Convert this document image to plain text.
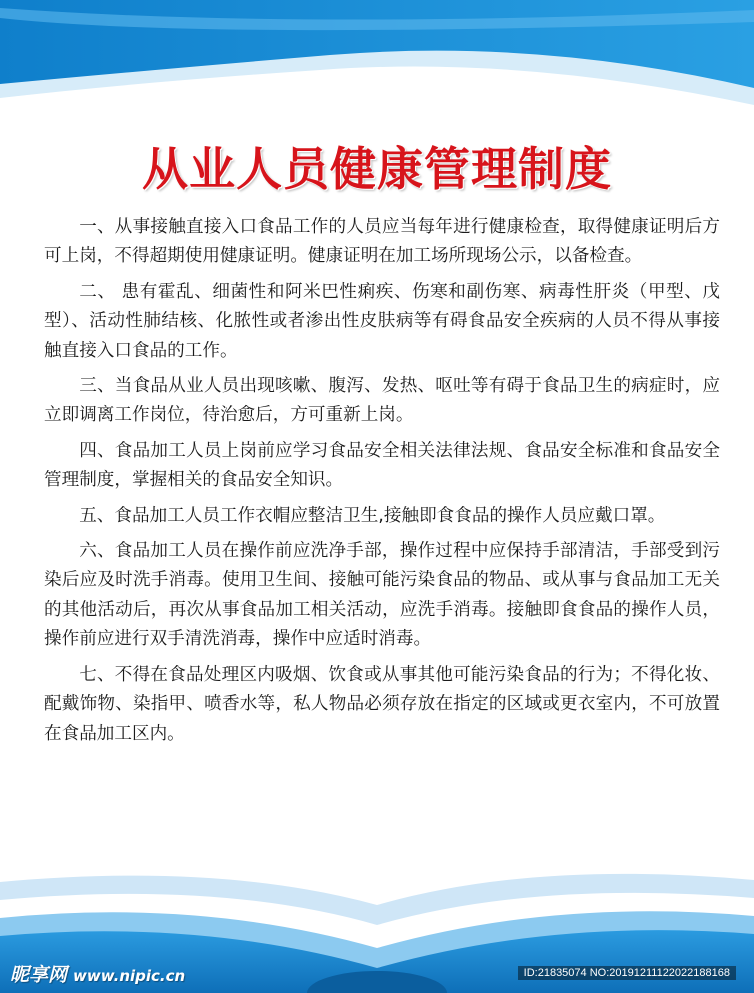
从业人员健康管理制度

一、从事接触直接入口食品工作的人员应当每年进行健康检查，取得健康证明后方可上岗，不得超期使用健康证明。健康证明在加工场所现场公示，以备检查。

二、 患有霍乱、细菌性和阿米巴性痢疾、伤寒和副伤寒、病毒性肝炎（甲型、戊型）、活动性肺结核、化脓性或者渗出性皮肤病等有碍食品安全疾病的人员不得从事接触直接入口食品的工作。

三、当食品从业人员出现咳嗽、腹泻、发热、呕吐等有碍于食品卫生的病症时，应立即调离工作岗位，待治愈后，方可重新上岗。

四、食品加工人员上岗前应学习食品安全相关法律法规、食品安全标准和食品安全管理制度，掌握相关的食品安全知识。

五、食品加工人员工作衣帽应整洁卫生,接触即食食品的操作人员应戴口罩。

六、食品加工人员在操作前应洗净手部，操作过程中应保持手部清洁，手部受到污染后应及时洗手消毒。使用卫生间、接触可能污染食品的物品、或从事与食品加工无关的其他活动后，再次从事食品加工相关活动，应洗手消毒。接触即食食品的操作人员，操作前应进行双手清洗消毒，操作中应适时消毒。

七、不得在食品处理区内吸烟、饮食或从事其他可能污染食品的行为；不得化妆、配戴饰物、染指甲、喷香水等，私人物品必须存放在指定的区域或更衣室内，不可放置在食品加工区内。

昵享网 www.nipic.cn	ID:21835074 NO:20191211122022188168
